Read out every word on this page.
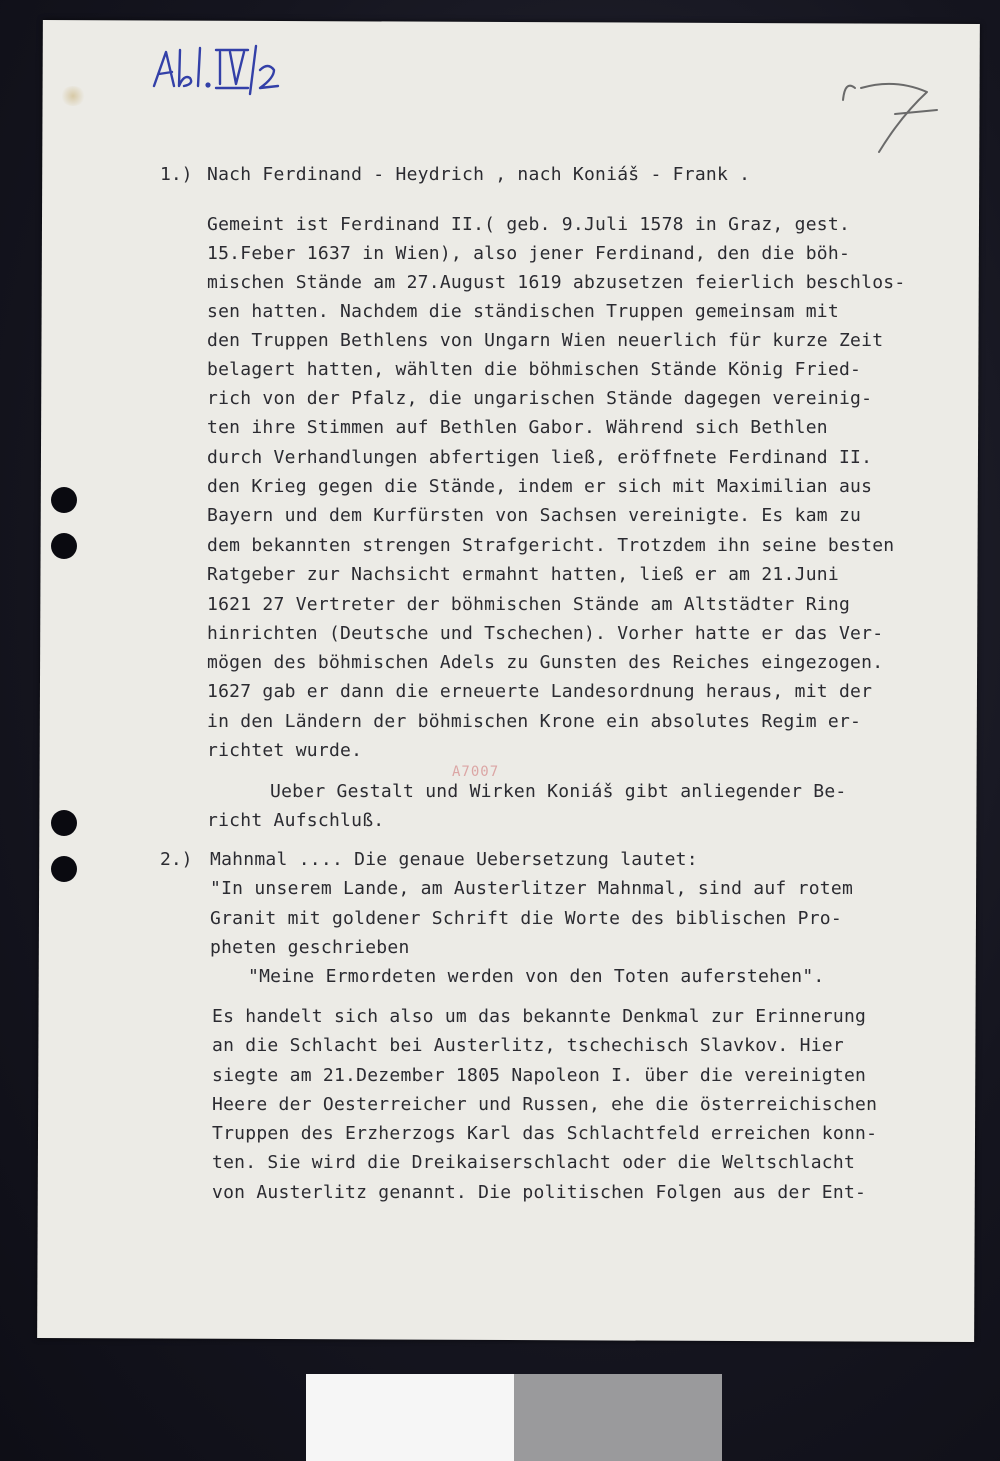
1.) Nach Ferdinand - Heydrich , nach Koniáš - Frank .

Gemeint ist Ferdinand II.( geb. 9.Juli 1578 in Graz, gest.

15.Feber 1637 in Wien), also jener Ferdinand, den die böh-

mischen Stände am 27.August 1619 abzusetzen feierlich beschlos-

sen hatten. Nachdem die ständischen Truppen gemeinsam mit

den Truppen Bethlens von Ungarn Wien neuerlich für kurze Zeit

belagert hatten, wählten die böhmischen Stände König Fried-

rich von der Pfalz, die ungarischen Stände dagegen vereinig-

ten ihre Stimmen auf Bethlen Gabor. Während sich Bethlen

durch Verhandlungen abfertigen ließ, eröffnete Ferdinand II.

den Krieg gegen die Stände, indem er sich mit Maximilian aus

Bayern und dem Kurfürsten von Sachsen vereinigte. Es kam zu

dem bekannten strengen Strafgericht. Trotzdem ihn seine besten

Ratgeber zur Nachsicht ermahnt hatten, ließ er am 21.Juni

1621 27 Vertreter der böhmischen Stände am Altstädter Ring

hinrichten (Deutsche und Tschechen). Vorher hatte er das Ver-

mögen des böhmischen Adels zu Gunsten des Reiches eingezogen.

1627 gab er dann die erneuerte Landesordnung heraus, mit der

in den Ländern der böhmischen Krone ein absolutes Regim er-

richtet wurde.

A7007

Ueber Gestalt und Wirken Koniáš gibt anliegender Be-

richt Aufschluß.

2.) Mahnmal .... Die genaue Uebersetzung lautet:

"In unserem Lande, am Austerlitzer Mahnmal, sind auf rotem

Granit mit goldener Schrift die Worte des biblischen Pro-

pheten geschrieben

"Meine Ermordeten werden von den Toten auferstehen".

Es handelt sich also um das bekannte Denkmal zur Erinnerung

an die Schlacht bei Austerlitz, tschechisch Slavkov. Hier

siegte am 21.Dezember 1805 Napoleon I. über die vereinigten

Heere der Oesterreicher und Russen, ehe die österreichischen

Truppen des Erzherzogs Karl das Schlachtfeld erreichen konn-

ten. Sie wird die Dreikaiserschlacht oder die Weltschlacht

von Austerlitz genannt. Die politischen Folgen aus der Ent-
